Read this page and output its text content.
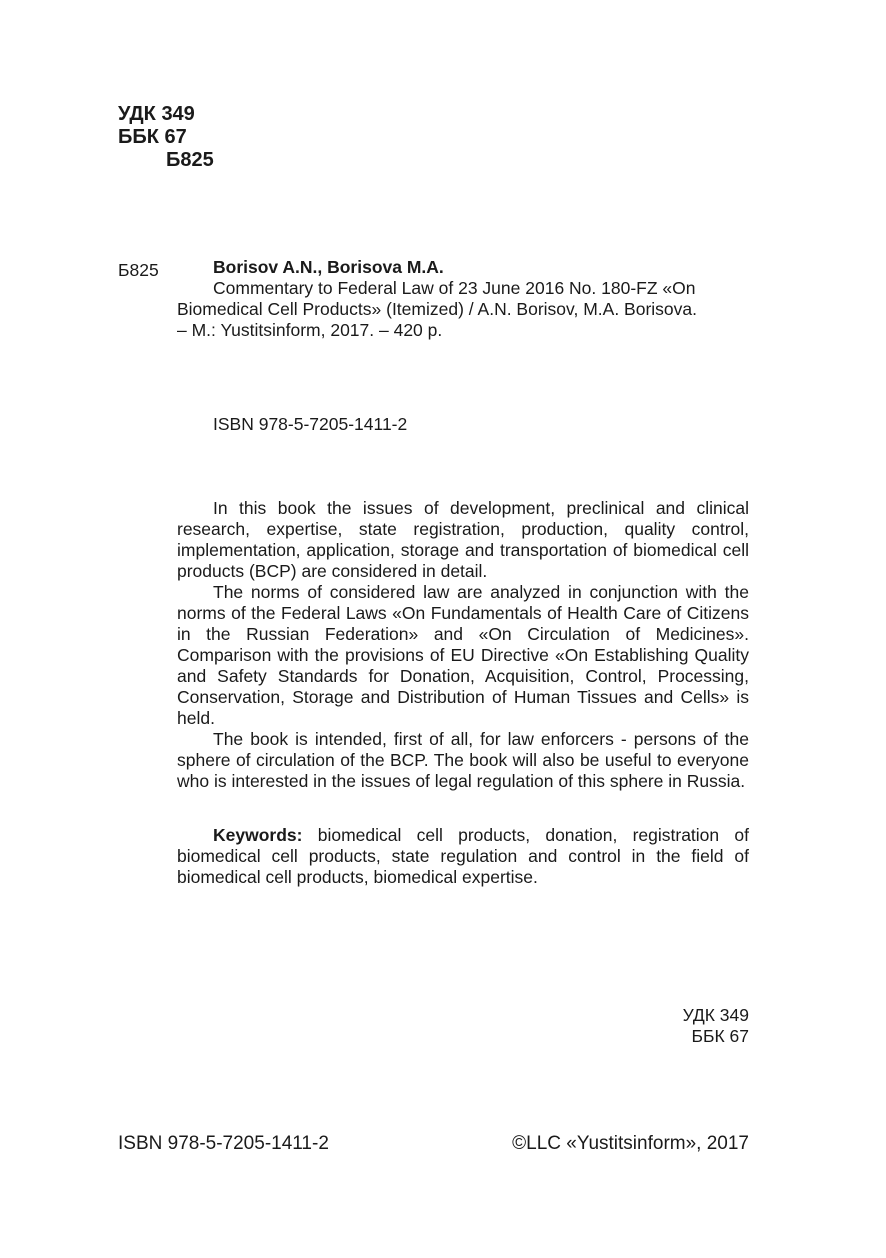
УДК 349
ББК 67
Б825
Б825	Borisov A.N., Borisova M.A.
Commentary to Federal Law of 23 June 2016 No. 180-FZ «On
Biomedical Cell Products» (Itemized) / A.N. Borisov, M.A. Borisova.
– M.: Yustitsinform, 2017. – 420 p.
ISBN 978-5-7205-1411-2

In this book the issues of development, preclinical and clinical research, expertise, state registration, production, quality control, implementation, application, storage and transportation of biomedical cell products (BCP) are considered in detail.

The norms of considered law are analyzed in conjunction with the norms of the Federal Laws «On Fundamentals of Health Care of Citizens in the Russian Federation» and «On Circulation of Medicines». Comparison with the provisions of EU Directive «On Establishing Quality and Safety Standards for Donation, Acquisition, Control, Processing, Conservation, Storage and Distribution of Human Tissues and Cells» is held.

The book is intended, first of all, for law enforcers - persons of the sphere of circulation of the BCP. The book will also be useful to everyone who is interested in the issues of legal regulation of this sphere in Russia.

Keywords: biomedical cell products, donation, registration of biomedical cell products, state regulation and control in the field of biomedical cell products, biomedical expertise.

УДК 349
ББК 67
ISBN 978-5-7205-1411-2	©LLC «Yustitsinform», 2017
